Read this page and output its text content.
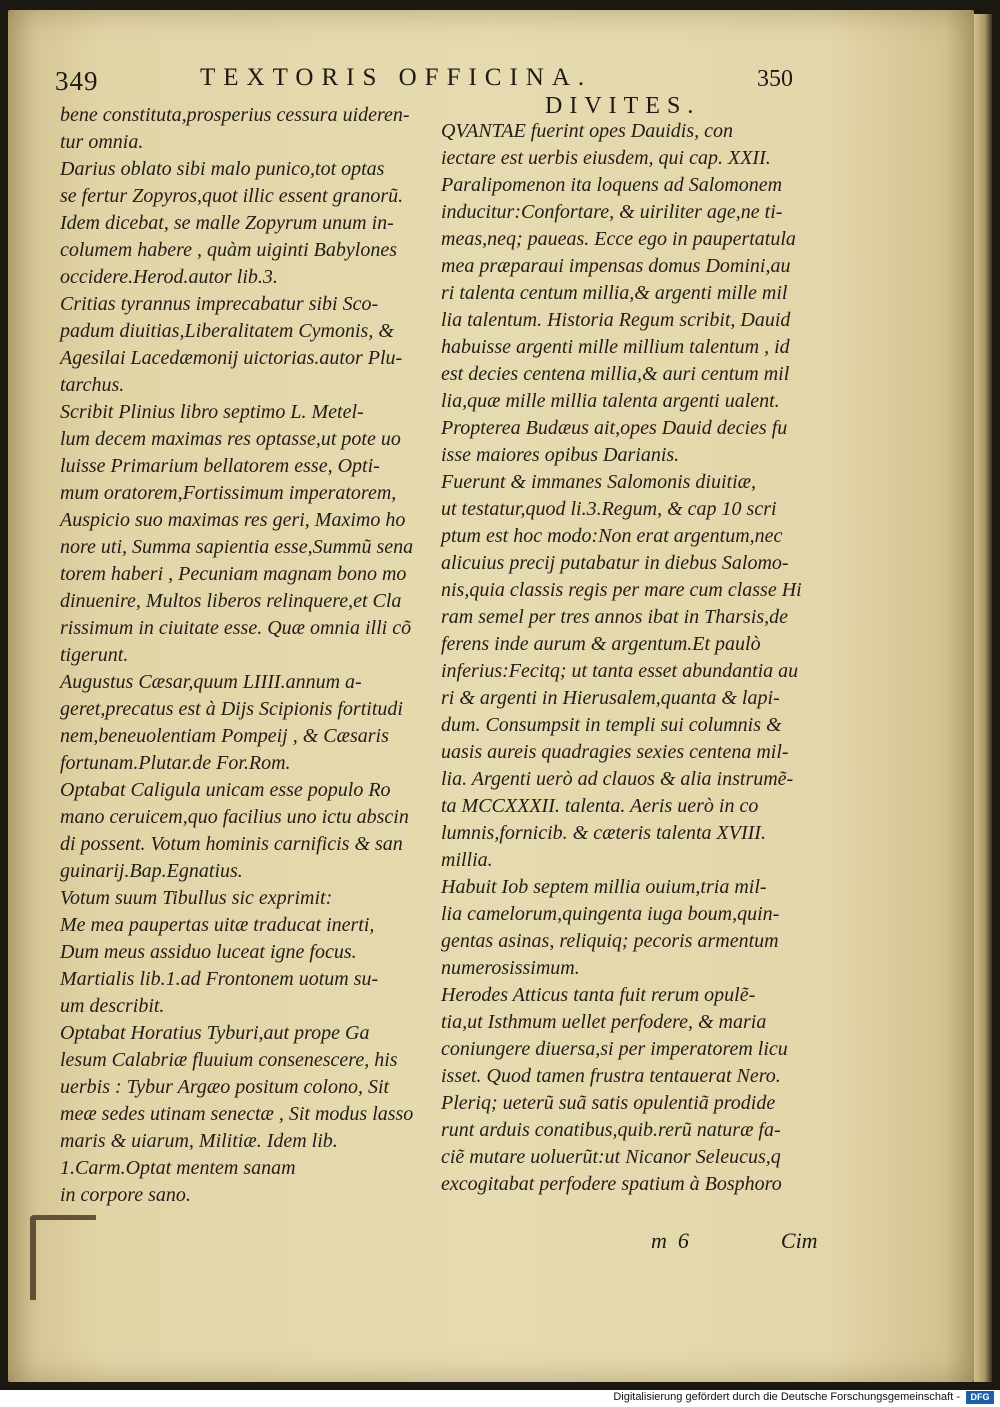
349	TEXTORIS OFFICINA.	350
DIVITES.
bene constituta,prosperius cessura uideren-
tur omnia.
Darius oblato sibi malo punico,tot optas
se fertur Zopyros,quot illic essent granorũ.
Idem dicebat, se malle Zopyrum unum in-
columem habere , quàm uiginti Babylones
occidere.Herod.autor lib.3.
Critias tyrannus imprecabatur sibi Sco-
padum diuitias,Liberalitatem Cymonis, &
Agesilai Lacedæmonij uictorias.autor Plu-
tarchus.
Scribit Plinius libro septimo L. Metel-
lum decem maximas res optasse,ut pote uo
luisse Primarium bellatorem esse, Opti-
mum oratorem,Fortissimum imperatorem,
Auspicio suo maximas res geri, Maximo ho
nore uti, Summa sapientia esse,Summũ sena
torem haberi , Pecuniam magnam bono mo
dinuenire, Multos liberos relinquere,et Cla
rissimum in ciuitate esse. Quæ omnia illi cõ
tigerunt.
Augustus Cæsar,quum LIIII.annum a-
geret,precatus est à Dijs Scipionis fortitudi
nem,beneuolentiam Pompeij , & Cæsaris
fortunam.Plutar.de For.Rom.
Optabat Caligula unicam esse populo Ro
mano ceruicem,quo facilius uno ictu abscin
di possent. Votum hominis carnificis & san
guinarij.Bap.Egnatius.
Votum suum Tibullus sic exprimit:
Me mea paupertas uitæ traducat inerti,
Dum meus assiduo luceat igne focus.
Martialis lib.1.ad Frontonem uotum su-
um describit.
Optabat Horatius Tyburi,aut prope Ga
lesum Calabriæ fluuium consenescere, his
uerbis : Tybur Argæo positum colono, Sit
meæ sedes utinam senectæ , Sit modus lasso
maris & uiarum, Militiæ. Idem lib.
1.Carm.Optat mentem sanam
in corpore sano.
QVANTAE fuerint opes Dauidis, con
iectare est uerbis eiusdem, qui cap. XXII.
Paralipomenon ita loquens ad Salomonem
inducitur:Confortare, & uiriliter age,ne ti-
meas,neq; paueas. Ecce ego in paupertatula
mea præparaui impensas domus Domini,au
ri talenta centum millia,& argenti mille mil
lia talentum. Historia Regum scribit, Dauid
habuisse argenti mille millium talentum , id
est decies centena millia,& auri centum mil
lia,quæ mille millia talenta argenti ualent.
Propterea Budæus ait,opes Dauid decies fu
isse maiores opibus Darianis.
Fuerunt & immanes Salomonis diuitiæ,
ut testatur,quod li.3.Regum, & cap 10 scri
ptum est hoc modo:Non erat argentum,nec
alicuius precij putabatur in diebus Salomo-
nis,quia classis regis per mare cum classe Hi
ram semel per tres annos ibat in Tharsis,de
ferens inde aurum & argentum.Et paulò
inferius:Fecitq; ut tanta esset abundantia au
ri & argenti in Hierusalem,quanta & lapi-
dum. Consumpsit in templi sui columnis &
uasis aureis quadragies sexies centena mil-
lia. Argenti uerò ad clauos & alia instrumẽ-
ta MCCXXXII. talenta. Aeris uerò in co
lumnis,fornicib. & cæteris talenta XVIII.
millia.
Habuit Iob septem millia ouium,tria mil-
lia camelorum,quingenta iuga boum,quin-
gentas asinas, reliquiq; pecoris armentum
numerosissimum.
Herodes Atticus tanta fuit rerum opulẽ-
tia,ut Isthmum uellet perfodere, & maria
coniungere diuersa,si per imperatorem licu
isset. Quod tamen frustra tentauerat Nero.
Pleriq; ueterũ suã satis opulentiã prodide
runt arduis conatibus,quib.rerũ naturæ fa-
ciẽ mutare uoluerũt:ut Nicanor Seleucus,q
excogitabat perfodere spatium à Bosphoro

m  6	Cim

Digitalisierung gefördert durch die Deutsche Forschungsgemeinschaft -	DFG
